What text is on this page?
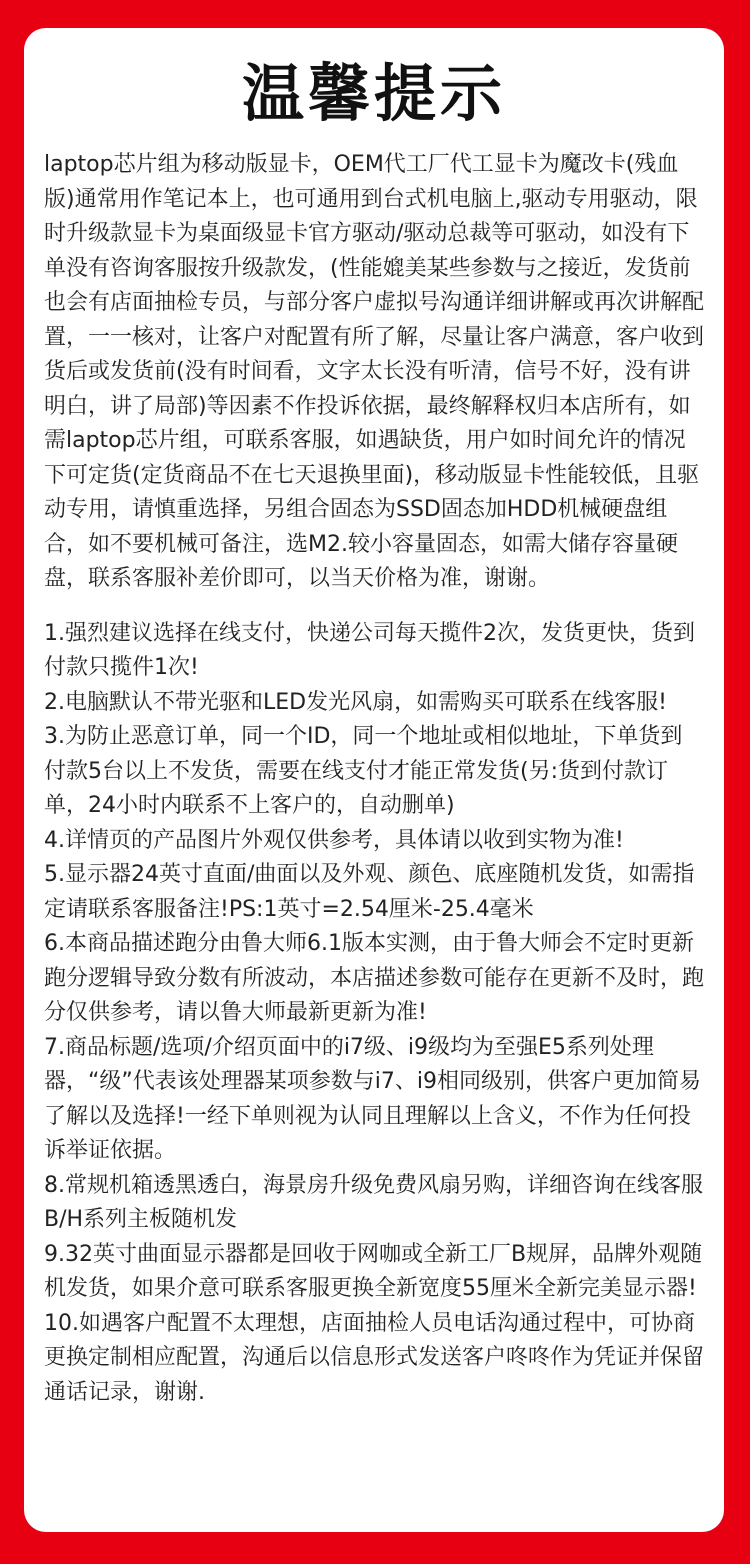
温馨提示

laptop芯片组为移动版显卡，OEM代工厂代工显卡为魔改卡(残血版)通常用作笔记本上，也可通用到台式机电脑上,驱动专用驱动，限时升级款显卡为桌面级显卡官方驱动/驱动总裁等可驱动，如没有下单没有咨询客服按升级款发，(性能媲美某些参数与之接近，发货前也会有店面抽检专员，与部分客户虚拟号沟通详细讲解或再次讲解配置，一一核对，让客户对配置有所了解，尽量让客户满意，客户收到货后或发货前(没有时间看，文字太长没有听清，信号不好，没有讲明白，讲了局部)等因素不作投诉依据，最终解释权归本店所有，如需laptop芯片组，可联系客服，如遇缺货，用户如时间允许的情况下可定货(定货商品不在七天退换里面)，移动版显卡性能较低，且驱动专用，请慎重选择，另组合固态为SSD固态加HDD机械硬盘组合，如不要机械可备注，选M2.较小容量固态，如需大储存容量硬盘，联系客服补差价即可，以当天价格为准，谢谢。

1.强烈建议选择在线支付，快递公司每天揽件2次，发货更快，货到付款只揽件1次!
2.电脑默认不带光驱和LED发光风扇，如需购买可联系在线客服!
3.为防止恶意订单，同一个ID，同一个地址或相似地址，下单货到付款5台以上不发货，需要在线支付才能正常发货(另:货到付款订单，24小时内联系不上客户的，自动删单)
4.详情页的产品图片外观仅供参考，具体请以收到实物为准!
5.显示器24英寸直面/曲面以及外观、颜色、底座随机发货，如需指定请联系客服备注!PS:1英寸=2.54厘米-25.4毫米
6.本商品描述跑分由鲁大师6.1版本实测，由于鲁大师会不定时更新跑分逻辑导致分数有所波动，本店描述参数可能存在更新不及时，跑分仅供参考，请以鲁大师最新更新为准!
7.商品标题/选项/介绍页面中的i7级、i9级均为至强E5系列处理器，“级”代表该处理器某项参数与i7、i9相同级别，供客户更加简易了解以及选择!一经下单则视为认同且理解以上含义，不作为任何投诉举证依据。
8.常规机箱透黑透白，海景房升级免费风扇另购，详细咨询在线客服B/H系列主板随机发
9.32英寸曲面显示器都是回收于网咖或全新工厂B规屏，品牌外观随机发货，如果介意可联系客服更换全新宽度55厘米全新完美显示器!
10.如遇客户配置不太理想，店面抽检人员电话沟通过程中，可协商更换定制相应配置，沟通后以信息形式发送客户咚咚作为凭证并保留通话记录，谢谢.
